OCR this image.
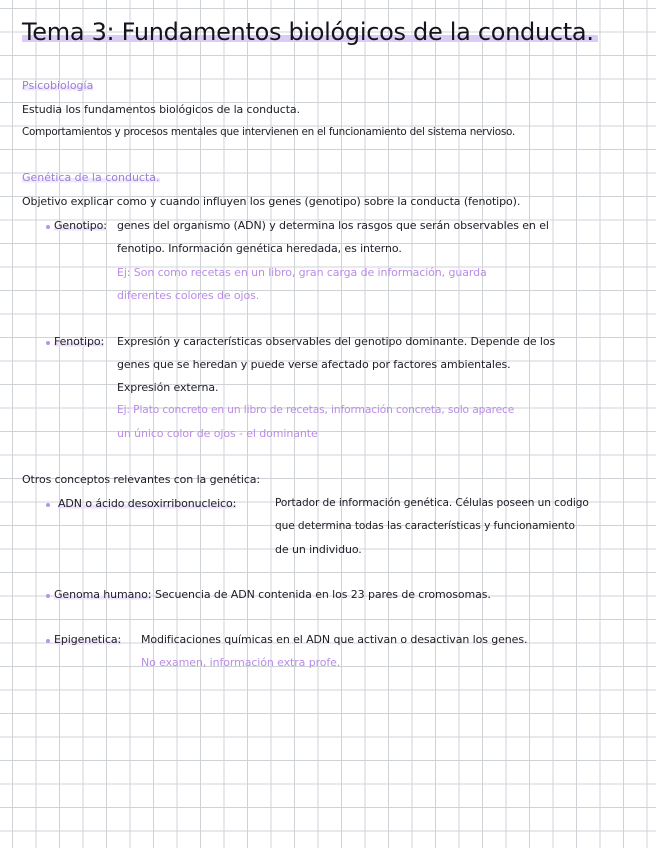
Tema 3: Fundamentos biológicos de la conducta.
Psicobiología
Estudia los fundamentos biológicos de la conducta.
Comportamientos y procesos mentales que intervienen en el funcionamiento del sistema nervioso.
Genética de la conducta.
Objetivo explicar como y cuando influyen los genes (genotipo) sobre la conducta (fenotipo).
Genotipo: genes del organismo (ADN) y determina los rasgos que serán observables en el
fenotipo. Información genética heredada, es interno.
Ej: Son como recetas en un libro, gran carga de información, guarda
diferentes colores de ojos.
Fenotipo: Expresión y características observables del genotipo dominante. Depende de los
genes que se heredan y puede verse afectado por factores ambientales.
Expresión externa.
Ej: Plato concreto en un libro de recetas, información concreta, solo aparece
un único color de ojos - el dominante
Otros conceptos relevantes con la genética:
ADN o ácido desoxirribonucleico:	Portador de información genética. Células poseen un codigo
que determina todas las características y funcionamiento
de un individuo.
Genoma humano: Secuencia de ADN contenida en los 23 pares de cromosomas.
Epigenetica: Modificaciones químicas en el ADN que activan o desactivan los genes.
No examen, información extra profe.
